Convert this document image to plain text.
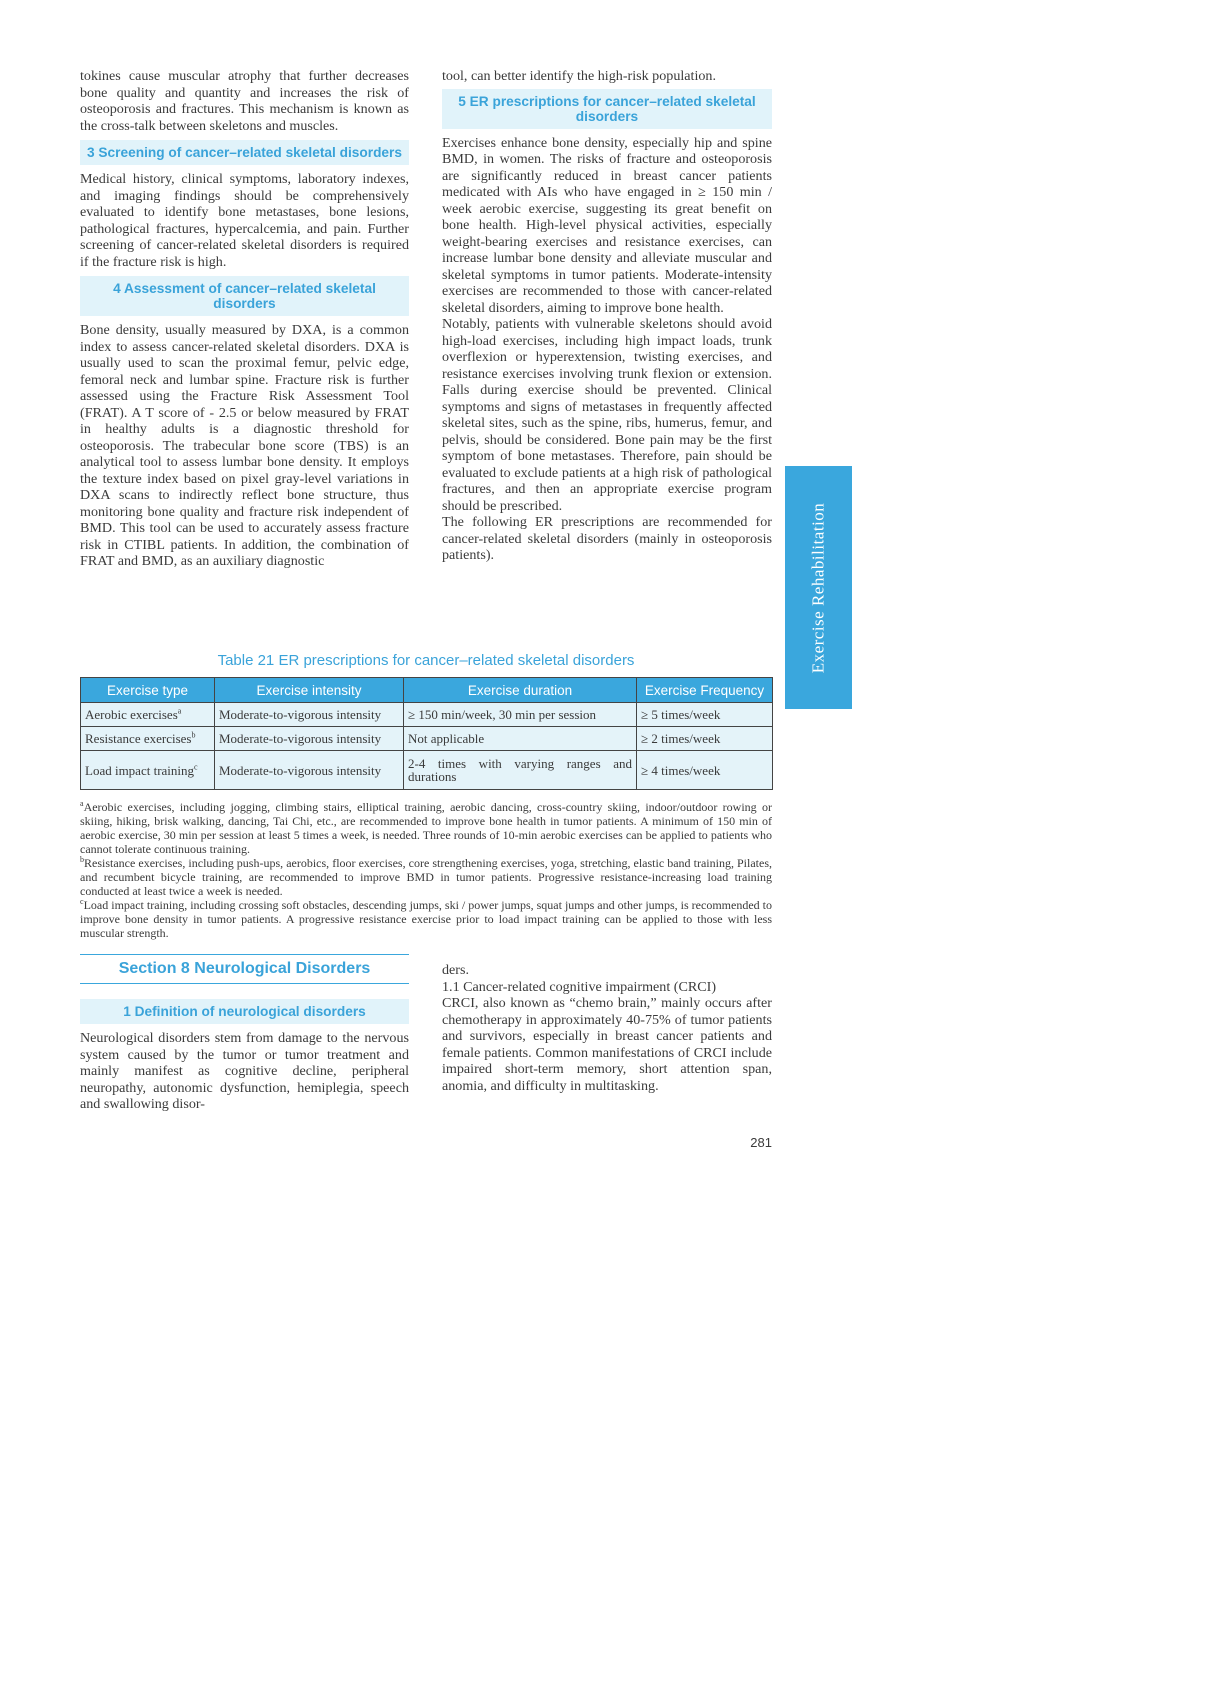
tokines cause muscular atrophy that further decreases bone quality and quantity and increases the risk of osteoporosis and fractures. This mechanism is known as the cross-talk between skeletons and muscles.

3 Screening of cancer–related skeletal disorders

Medical history, clinical symptoms, laboratory indexes, and imaging findings should be comprehensively evaluated to identify bone metastases, bone lesions, pathological fractures, hypercalcemia, and pain. Further screening of cancer-related skeletal disorders is required if the fracture risk is high.

4 Assessment of cancer–related skeletal disorders

Bone density, usually measured by DXA, is a common index to assess cancer-related skeletal disorders. DXA is usually used to scan the proximal femur, pelvic edge, femoral neck and lumbar spine. Fracture risk is further assessed using the Fracture Risk Assessment Tool (FRAT). A T score of - 2.5 or below measured by FRAT in healthy adults is a diagnostic threshold for osteoporosis. The trabecular bone score (TBS) is an analytical tool to assess lumbar bone density. It employs the texture index based on pixel gray-level variations in DXA scans to indirectly reflect bone structure, thus monitoring bone quality and fracture risk independent of BMD. This tool can be used to accurately assess fracture risk in CTIBL patients. In addition, the combination of FRAT and BMD, as an auxiliary diagnostic

tool, can better identify the high-risk population.

5 ER prescriptions for cancer–related skeletal disorders

Exercises enhance bone density, especially hip and spine BMD, in women. The risks of fracture and osteoporosis are significantly reduced in breast cancer patients medicated with AIs who have engaged in ≥ 150 min / week aerobic exercise, suggesting its great benefit on bone health. High-level physical activities, especially weight-bearing exercises and resistance exercises, can increase lumbar bone density and alleviate muscular and skeletal symptoms in tumor patients. Moderate-intensity exercises are recommended to those with cancer-related skeletal disorders, aiming to improve bone health.

Notably, patients with vulnerable skeletons should avoid high-load exercises, including high impact loads, trunk overflexion or hyperextension, twisting exercises, and resistance exercises involving trunk flexion or extension. Falls during exercise should be prevented. Clinical symptoms and signs of metastases in frequently affected skeletal sites, such as the spine, ribs, humerus, femur, and pelvis, should be considered. Bone pain may be the first symptom of bone metastases. Therefore, pain should be evaluated to exclude patients at a high risk of pathological fractures, and then an appropriate exercise program should be prescribed.

The following ER prescriptions are recommended for cancer-related skeletal disorders (mainly in osteoporosis patients).	Exercise Rehabilitation
Table 21 ER prescriptions for cancer–related skeletal disorders
Exercise type	Exercise intensity	Exercise duration	Exercise Frequency
Aerobic exercises$^a$	Moderate-to-vigorous intensity	≥ 150 min/week, 30 min per session	≥ 5 times/week
Resistance exercises$^b$	Moderate-to-vigorous intensity	Not applicable	≥ 2 times/week
Load impact training$^c$	Moderate-to-vigorous intensity	2-4 times with varying ranges and durations	≥ 4 times/week

$^a$Aerobic exercises, including jogging, climbing stairs, elliptical training, aerobic dancing, cross-country skiing, indoor/outdoor rowing or skiing, hiking, brisk walking, dancing, Tai Chi, etc., are recommended to improve bone health in tumor patients. A minimum of 150 min of aerobic exercise, 30 min per session at least 5 times a week, is needed. Three rounds of 10-min aerobic exercises can be applied to patients who cannot tolerate continuous training.

$^b$Resistance exercises, including push-ups, aerobics, floor exercises, core strengthening exercises, yoga, stretching, elastic band training, Pilates, and recumbent bicycle training, are recommended to improve BMD in tumor patients. Progressive resistance-increasing load training conducted at least twice a week is needed.

$^c$Load impact training, including crossing soft obstacles, descending jumps, ski / power jumps, squat jumps and other jumps, is recommended to improve bone density in tumor patients. A progressive resistance exercise prior to load impact training can be applied to those with less muscular strength.

Section 8 Neurological Disorders
1 Definition of neurological disorders

Neurological disorders stem from damage to the nervous system caused by the tumor or tumor treatment and mainly manifest as cognitive decline, peripheral neuropathy, autonomic dysfunction, hemiplegia, speech and swallowing disor-

ders.

1.1 Cancer-related cognitive impairment (CRCI)

CRCI, also known as “chemo brain,” mainly occurs after chemotherapy in approximately 40-75% of tumor patients and survivors, especially in breast cancer patients and female patients. Common manifestations of CRCI include impaired short-term memory, short attention span, anomia, and difficulty in multitasking.

281
